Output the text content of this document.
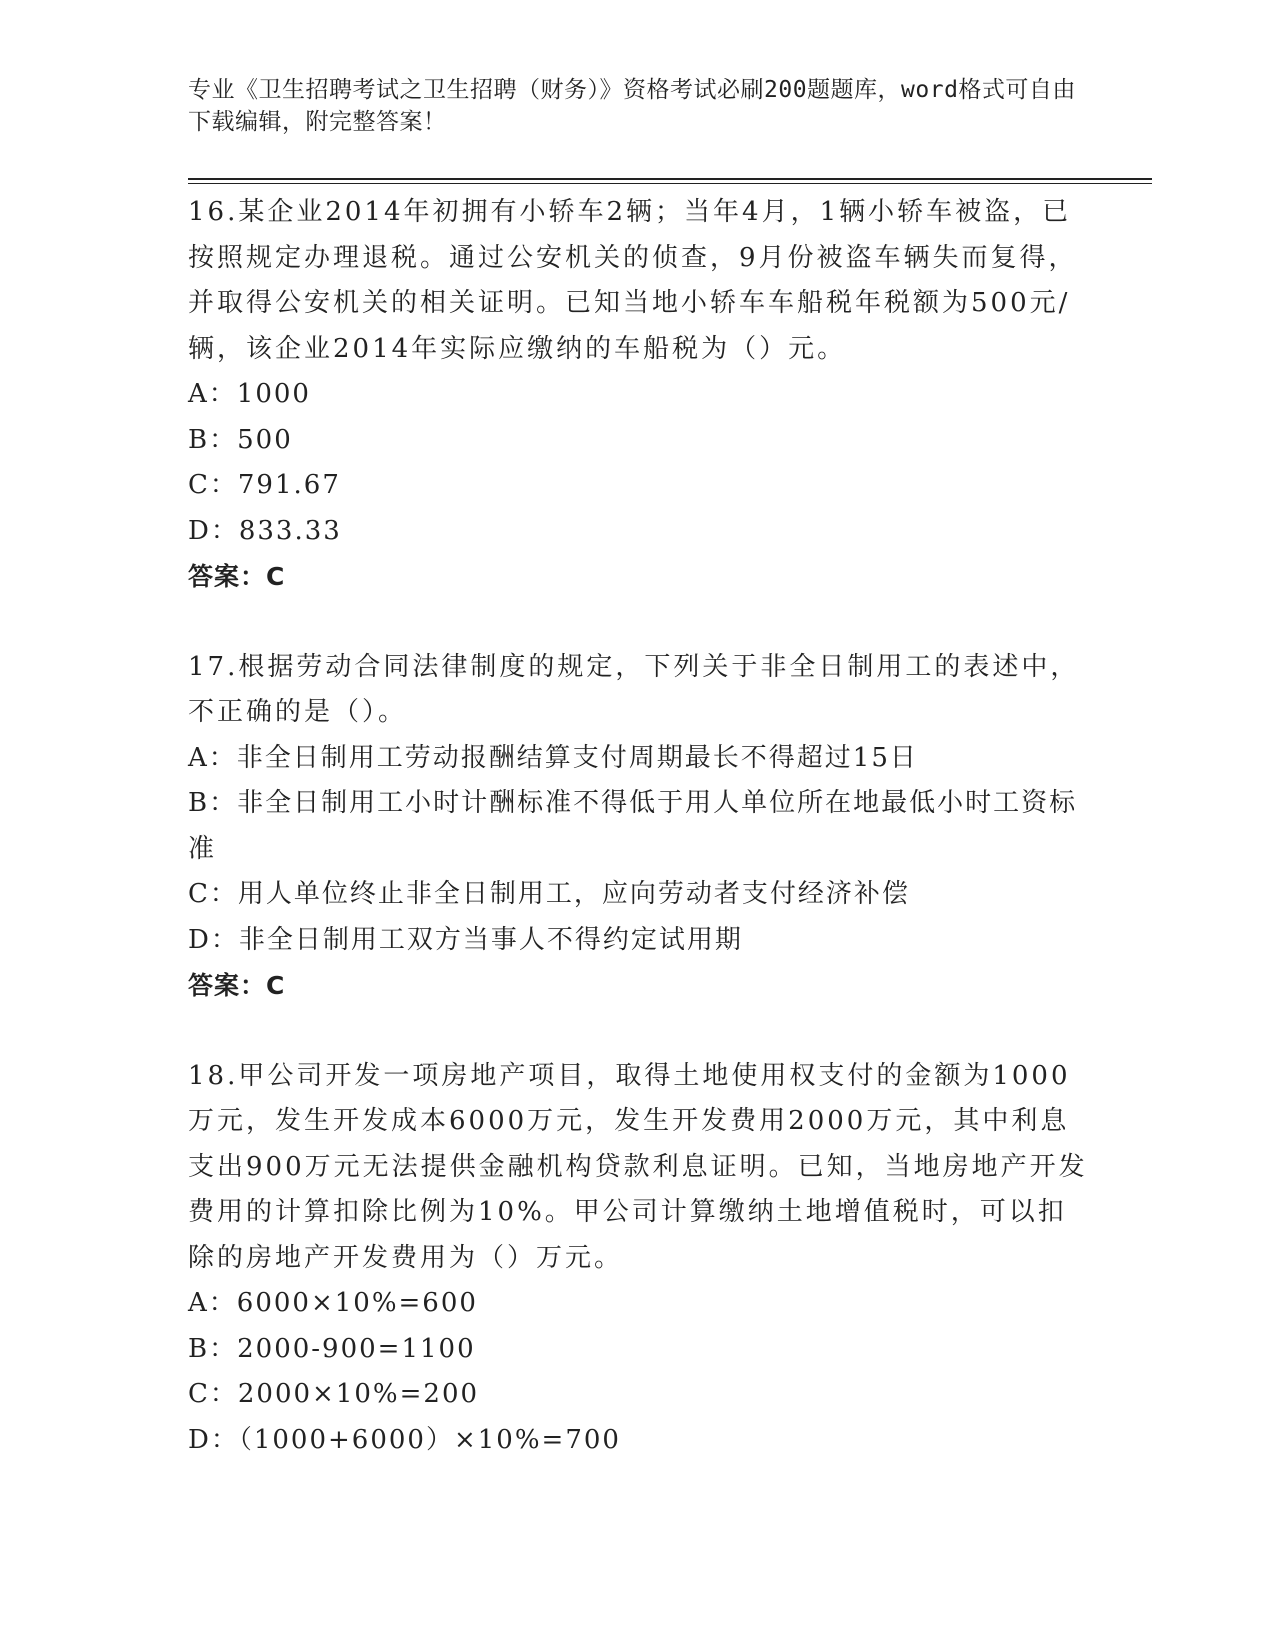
专业《卫生招聘考试之卫生招聘（财务）》资格考试必刷200题题库，word格式可自由下载编辑，附完整答案！

16.某企业2014年初拥有小轿车2辆；当年4月，1辆小轿车被盗，已按照规定办理退税。通过公安机关的侦查，9月份被盗车辆失而复得，并取得公安机关的相关证明。已知当地小轿车车船税年税额为500元/辆，该企业2014年实际应缴纳的车船税为（）元。

A：1000

B：500

C：791.67

D：833.33

答案：C

17.根据劳动合同法律制度的规定，下列关于非全日制用工的表述中，不正确的是（）。

A：非全日制用工劳动报酬结算支付周期最长不得超过15日

B：非全日制用工小时计酬标准不得低于用人单位所在地最低小时工资标准

C：用人单位终止非全日制用工，应向劳动者支付经济补偿

D：非全日制用工双方当事人不得约定试用期

答案：C

18.甲公司开发一项房地产项目，取得土地使用权支付的金额为1000万元，发生开发成本6000万元，发生开发费用2000万元，其中利息支出900万元无法提供金融机构贷款利息证明。已知，当地房地产开发费用的计算扣除比例为10%。甲公司计算缴纳土地增值税时，可以扣除的房地产开发费用为（）万元。

A：6000×10%=600

B：2000-900=1100

C：2000×10%=200

D：（1000+6000）×10%=700
